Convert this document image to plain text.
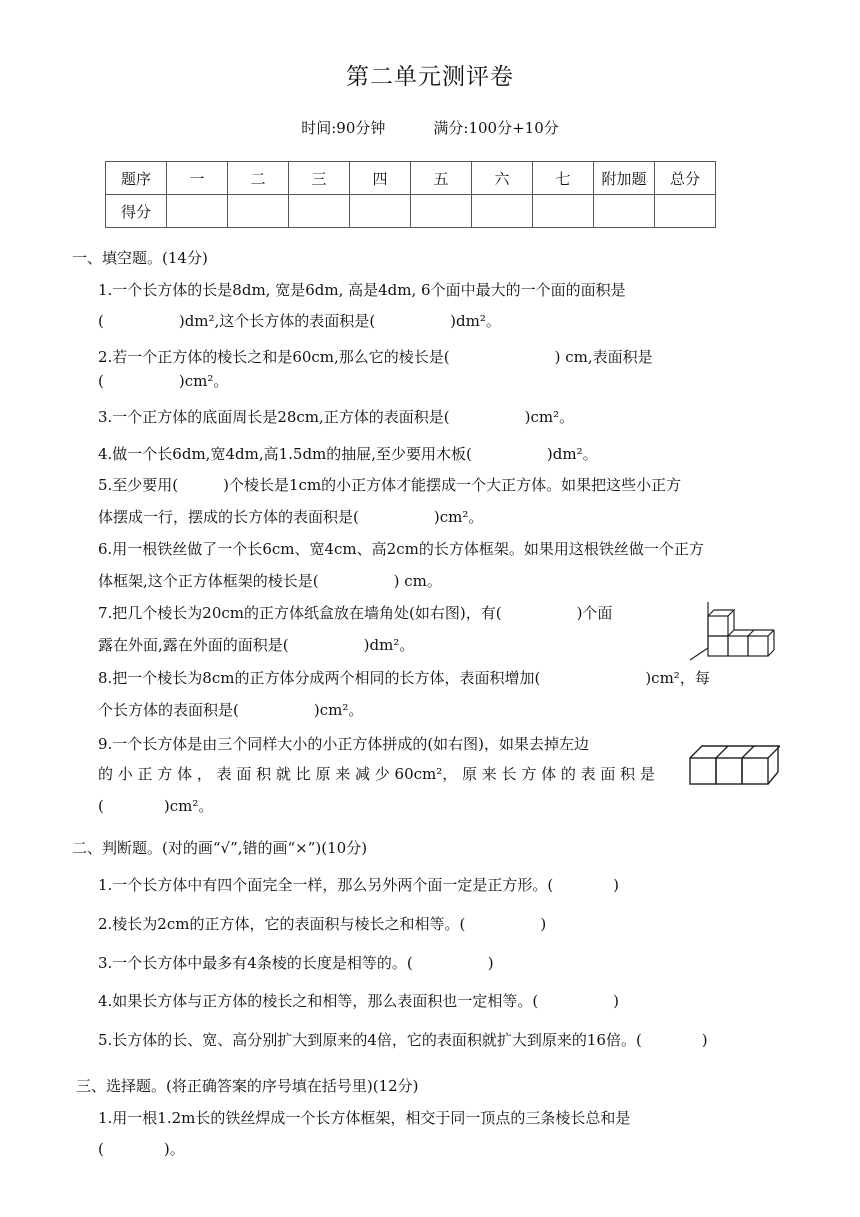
第二单元测评卷
时间:90分钟	满分:100分+10分
题序	一	二	三	四	五	六	七	附加题	总分
得分									
一、填空题。(14分)
1.一个长方体的长是8dm, 宽是6dm, 高是4dm, 6个面中最大的一个面的面积是
(　　　　　)dm²,这个长方体的表面积是(　　　　　)dm²。
2.若一个正方体的棱长之和是60cm,那么它的棱长是(　　　　　　　) cm,表面积是
(　　　　　)cm²。
3.一个正方体的底面周长是28cm,正方体的表面积是(　　　　　)cm²。
4.做一个长6dm,宽4dm,高1.5dm的抽屉,至少要用木板(　　　　　)dm²。
5.至少要用(　　　)个棱长是1cm的小正方体才能摆成一个大正方体。如果把这些小正方
体摆成一行，摆成的长方体的表面积是(　　　　　)cm²。
6.用一根铁丝做了一个长6cm、宽4cm、高2cm的长方体框架。如果用这根铁丝做一个正方
体框架,这个正方体框架的棱长是(　　　　　) cm。
7.把几个棱长为20cm的正方体纸盒放在墙角处(如右图)，有(　　　　　)个面
露在外面,露在外面的面积是(　　　　　)dm²。
8.把一个棱长为8cm的正方体分成两个相同的长方体，表面积增加(　　　　　　　)cm²，每
个长方体的表面积是(　　　　　)cm²。
9.一个长方体是由三个同样大小的小正方体拼成的(如右图)，如果去掉左边
的 小 正 方 体 ， 表 面 积 就 比 原 来 减 少 60cm²， 原 来 长 方 体 的 表 面 积 是
(　　　　)cm²。
二、判断题。(对的画“√”,错的画“×”)(10分)
1.一个长方体中有四个面完全一样，那么另外两个面一定是正方形。(　　　　)
2.棱长为2cm的正方体，它的表面积与棱长之和相等。(　　　　　)
3.一个长方体中最多有4条棱的长度是相等的。(　　　　　)
4.如果长方体与正方体的棱长之和相等，那么表面积也一定相等。(　　　　　)
5.长方体的长、宽、高分别扩大到原来的4倍，它的表面积就扩大到原来的16倍。(　　　　)
三、选择题。(将正确答案的序号填在括号里)(12分)
1.用一根1.2m长的铁丝焊成一个长方体框架，相交于同一顶点的三条棱长总和是
(　　　　)。
